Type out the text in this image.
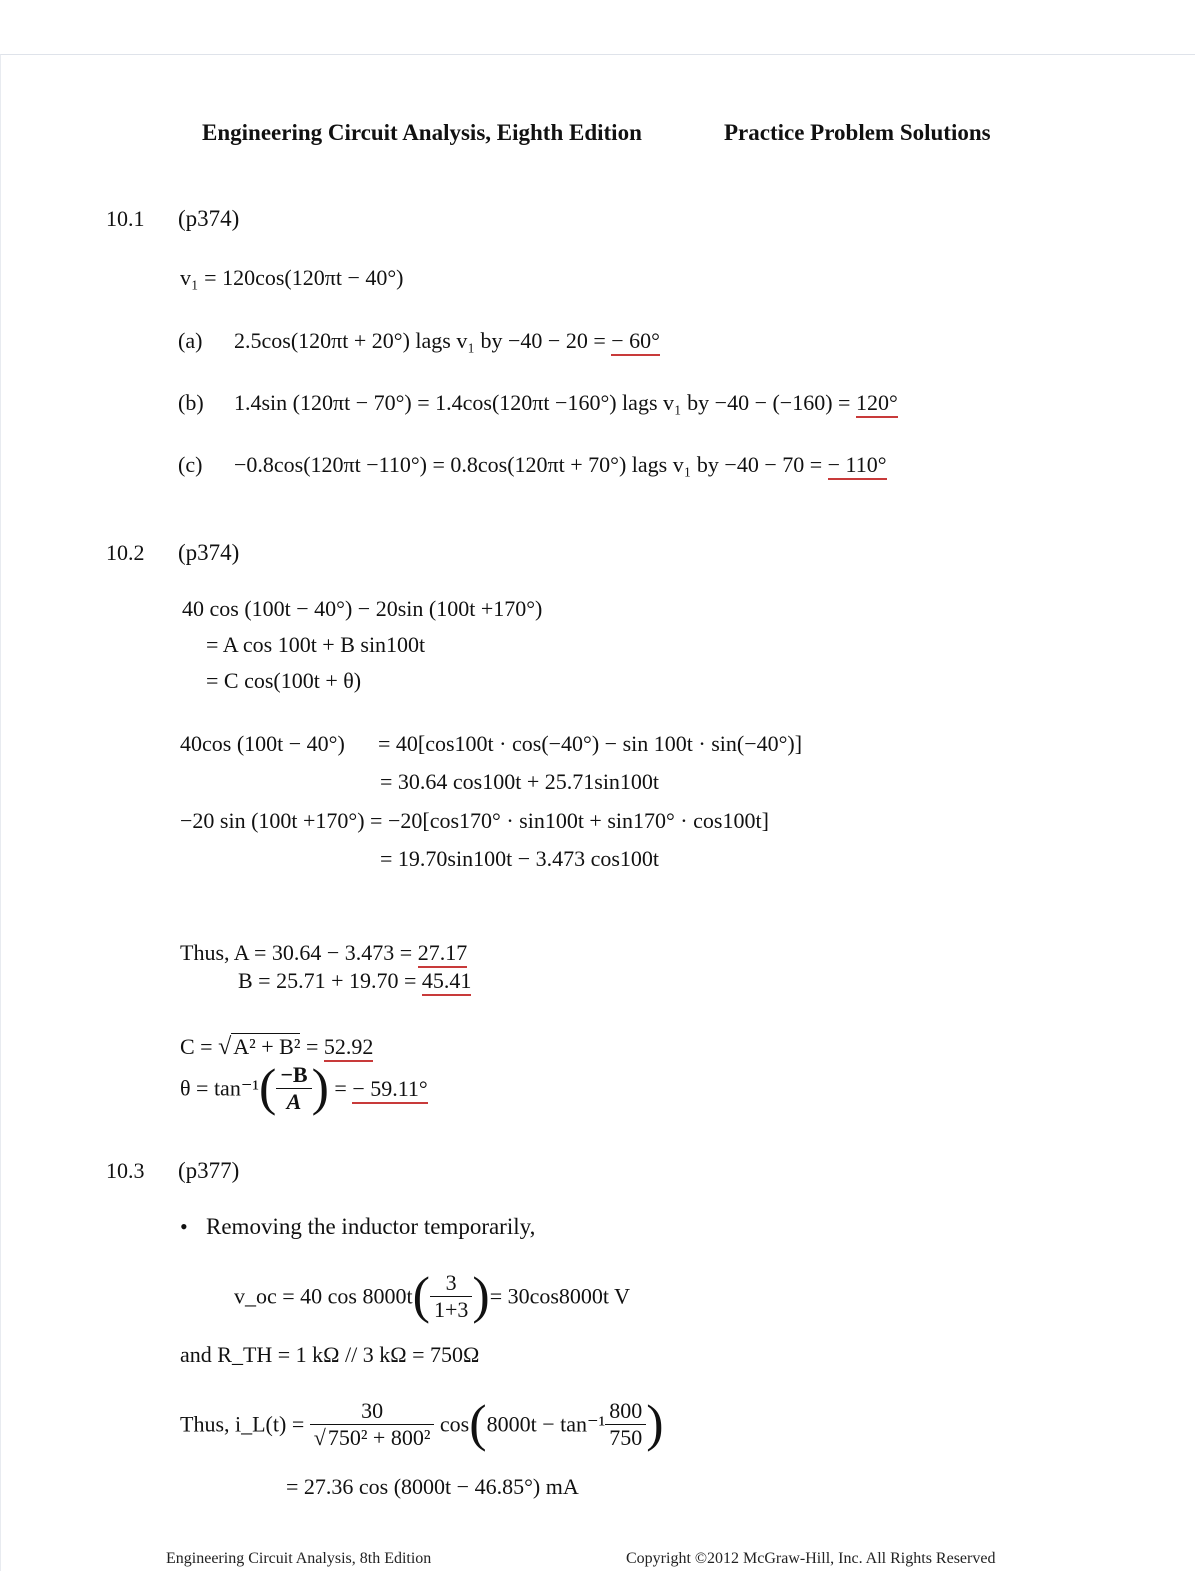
Engineering Circuit Analysis, Eighth Edition	Practice Problem Solutions
10.1 (p374)
v₁ = 120cos(120πt − 40°)
(a) 2.5cos(120πt + 20°) lags v₁ by −40 − 20 = − 60°
(b) 1.4sin (120πt − 70°) = 1.4cos(120πt −160°) lags v₁ by −40 − (−160) = 120°
(c) −0.8cos(120πt −110°) = 0.8cos(120πt + 70°) lags v₁ by −40 − 70 = − 110°
10.2 (p374)
40 cos (100t − 40°) − 20sin (100t +170°)
= A cos 100t + B sin100t
= C cos(100t + θ)
40cos (100t − 40°) = 40[cos100t · cos(−40°) − sin 100t · sin(−40°)]
= 30.64 cos100t + 25.71sin100t
−20 sin (100t +170°) = −20[cos170° · sin100t + sin170° · cos100t]
= 19.70sin100t − 3.473 cos100t
Thus, A = 30.64 − 3.473 = 27.17
B = 25.71 + 19.70 = 45.41
C = √A² + B² = 52.92
$\theta = \tan^{-1}( \frac{-B}{A}$ ) = − 59.11°
10.3 (p377)
• Removing the inductor temporarily,
v_oc = 40 $\cos 8000t( \frac{3}{1+3}$ )= 30cos8000t V
and R_TH = 1 kΩ // 3 kΩ = 750Ω
Thus, i_L(t) = $\frac{30}{\text{√750² + 800²}} \cos(8000t - \tan^{-1} \frac{800}{750}$ )
= 27.36 cos (8000t − 46.85°) mA
Engineering Circuit Analysis, 8th Edition	Copyright ©2012 McGraw-Hill, Inc. All Rights Reserved
